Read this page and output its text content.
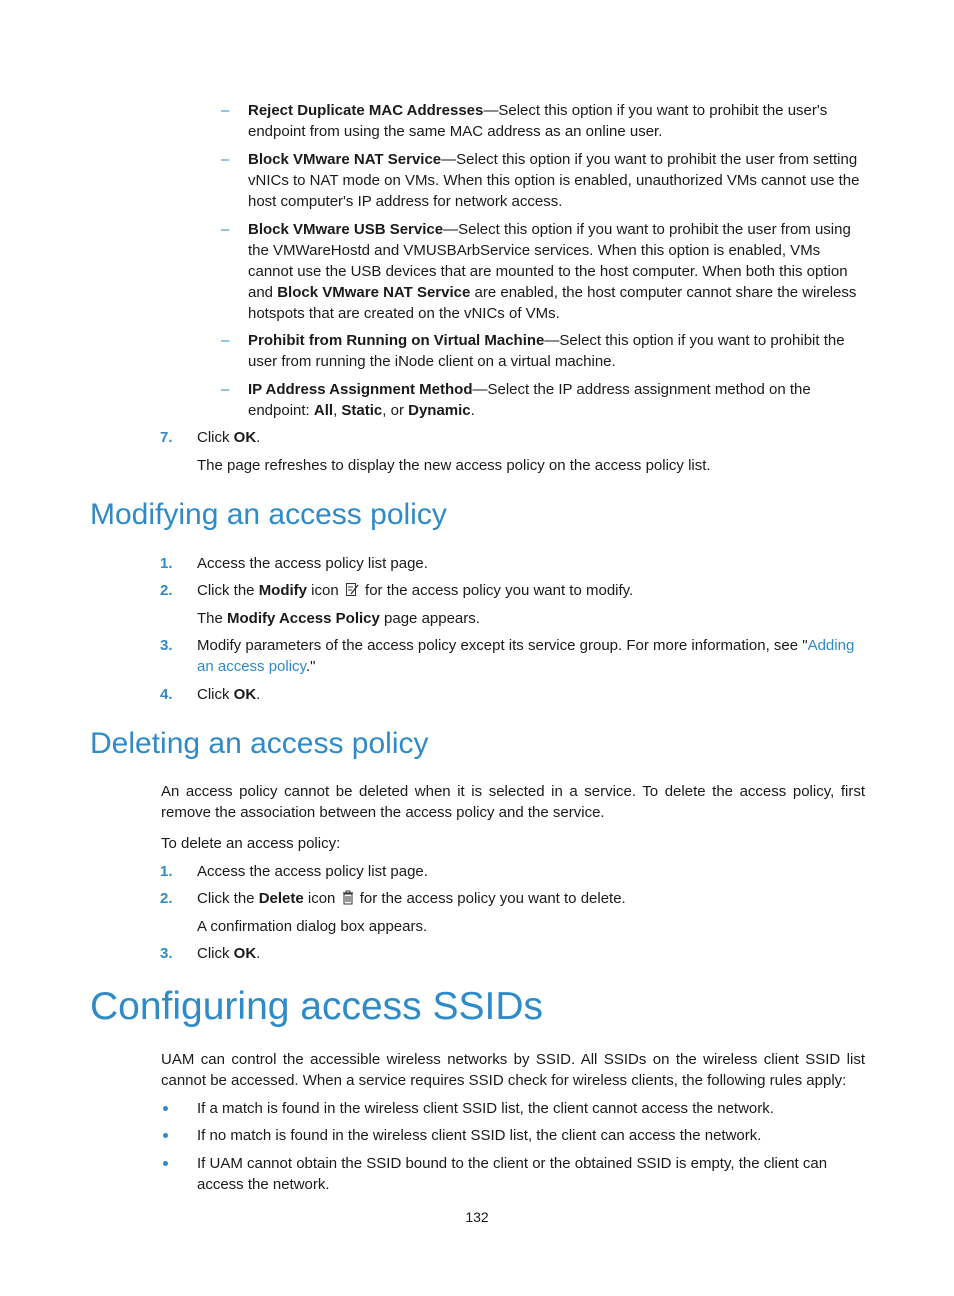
– Reject Duplicate MAC Addresses—Select this option if you want to prohibit the user's endpoint from using the same MAC address as an online user.

– Block VMware NAT Service—Select this option if you want to prohibit the user from setting vNICs to NAT mode on VMs. When this option is enabled, unauthorized VMs cannot use the host computer's IP address for network access.

– Block VMware USB Service—Select this option if you want to prohibit the user from using the VMWareHostd and VMUSBArbService services. When this option is enabled, VMs cannot use the USB devices that are mounted to the host computer. When both this option and Block VMware NAT Service are enabled, the host computer cannot share the wireless hotspots that are created on the vNICs of VMs.

– Prohibit from Running on Virtual Machine—Select this option if you want to prohibit the user from running the iNode client on a virtual machine.

– IP Address Assignment Method—Select the IP address assignment method on the endpoint: All, Static, or Dynamic.

7. Click OK.

The page refreshes to display the new access policy on the access policy list.
Modifying an access policy
1. Access the access policy list page.

2. Click the Modify icon  for the access policy you want to modify.

The Modify Access Policy page appears.
3. Modify parameters of the access policy except its service group. For more information, see "Adding an access policy."

4. Click OK.

Deleting an access policy

An access policy cannot be deleted when it is selected in a service. To delete the access policy, first remove the association between the access policy and the service.

To delete an access policy:

1. Access the access policy list page.

2. Click the Delete icon  for the access policy you want to delete.

A confirmation dialog box appears.
3. Click OK.

Configuring access SSIDs

UAM can control the accessible wireless networks by SSID. All SSIDs on the wireless client SSID list cannot be accessed. When a service requires SSID check for wireless clients, the following rules apply:

If a match is found in the wireless client SSID list, the client cannot access the network.

If no match is found in the wireless client SSID list, the client can access the network.

If UAM cannot obtain the SSID bound to the client or the obtained SSID is empty, the client can access the network.

132
